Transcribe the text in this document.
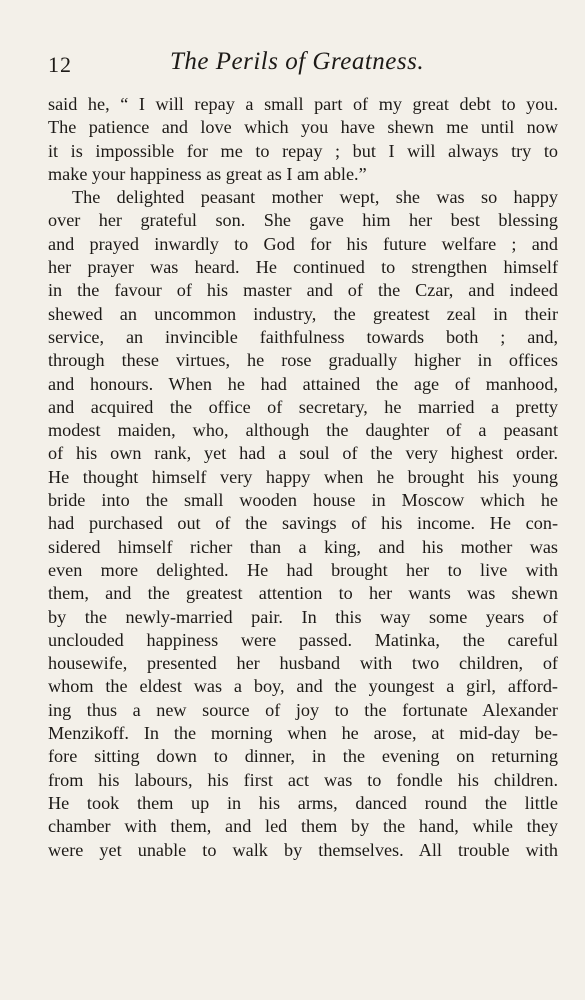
12	The Perils of Greatness.
said he, “ I will repay a small part of my great debt to you.
The patience and love which you have shewn me until now
it is impossible for me to repay ; but I will always try to
make your happiness as great as I am able.”
The delighted peasant mother wept, she was so happy
over her grateful son. She gave him her best blessing
and prayed inwardly to God for his future welfare ; and
her prayer was heard. He continued to strengthen himself
in the favour of his master and of the Czar, and indeed
shewed an uncommon industry, the greatest zeal in their
service, an invincible faithfulness towards both ; and,
through these virtues, he rose gradually higher in offices
and honours. When he had attained the age of manhood,
and acquired the office of secretary, he married a pretty
modest maiden, who, although the daughter of a peasant
of his own rank, yet had a soul of the very highest order.
He thought himself very happy when he brought his young
bride into the small wooden house in Moscow which he
had purchased out of the savings of his income. He con-
sidered himself richer than a king, and his mother was
even more delighted. He had brought her to live with
them, and the greatest attention to her wants was shewn
by the newly-married pair. In this way some years of
unclouded happiness were passed. Matinka, the careful
housewife, presented her husband with two children, of
whom the eldest was a boy, and the youngest a girl, afford-
ing thus a new source of joy to the fortunate Alexander
Menzikoff. In the morning when he arose, at mid-day be-
fore sitting down to dinner, in the evening on returning
from his labours, his first act was to fondle his children.
He took them up in his arms, danced round the little
chamber with them, and led them by the hand, while they
were yet unable to walk by themselves. All trouble with
